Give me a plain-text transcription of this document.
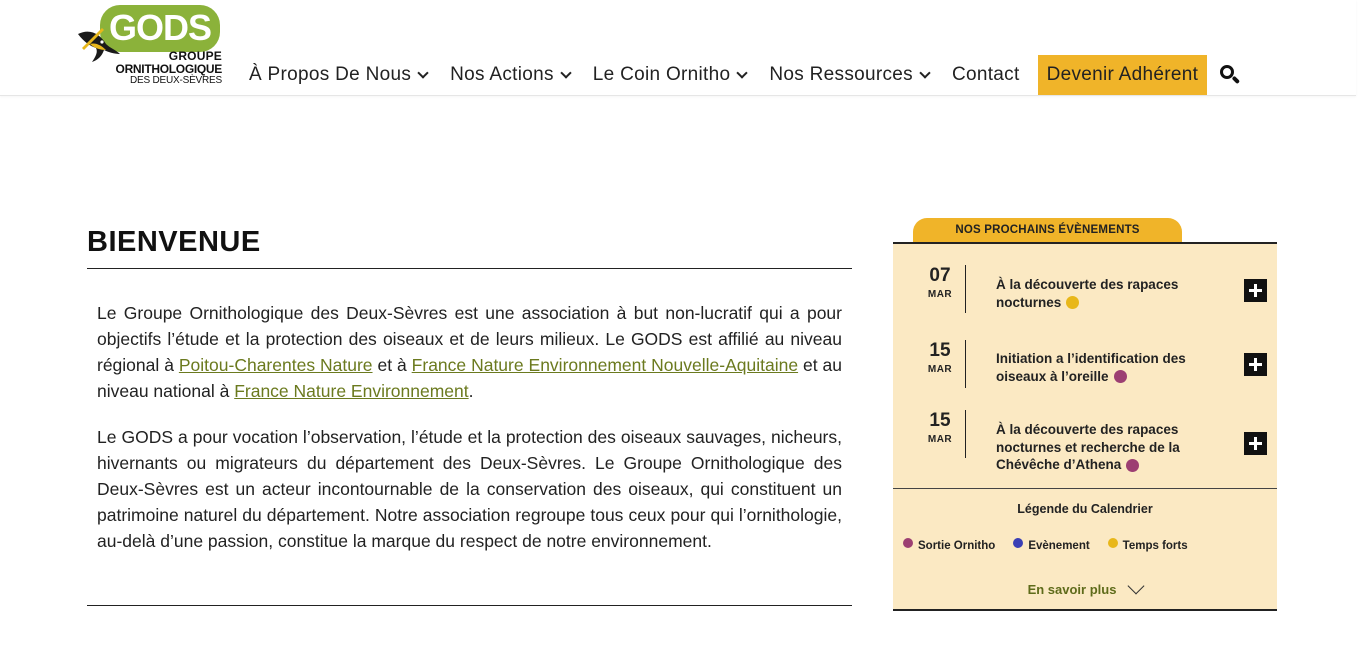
GODS
GROUPE
ORNITHOLOGIQUE
DES DEUX-SÈVRES À Propos De Nous Nos Actions Le Coin Ornitho Nos Ressources Contact	Devenir Adhérent
BIENVENUE

Le Groupe Ornithologique des Deux-Sèvres est une association à but non-lucratif qui a pour objectifs l’étude et la protection des oiseaux et de leurs milieux. Le GODS est affilié au niveau régional à Poitou-Charentes Nature et à France Nature Environnement Nouvelle-Aquitaine et au niveau national à France Nature Environnement.

Le GODS a pour vocation l’observation, l’étude et la protection des oiseaux sauvages, nicheurs, hivernants ou migrateurs du département des Deux-Sèvres. Le Groupe Ornithologique des Deux-Sèvres est un acteur incontournable de la conservation des oiseaux, qui constituent un patrimoine naturel du département. Notre association regroupe tous ceux pour qui l’ornithologie, au-delà d’une passion, constitue la marque du respect de notre environnement.

NOS PROCHAINS ÉVÈNEMENTS
07
MAR
À la découverte des rapaces nocturnes
15
MAR
Initiation a l’identification des oiseaux à l’oreille
15
MAR
À la découverte des rapaces nocturnes et recherche de la Chévêche d’Athena
Légende du Calendrier
Sortie Ornitho	Evènement	Temps forts
En savoir plus
